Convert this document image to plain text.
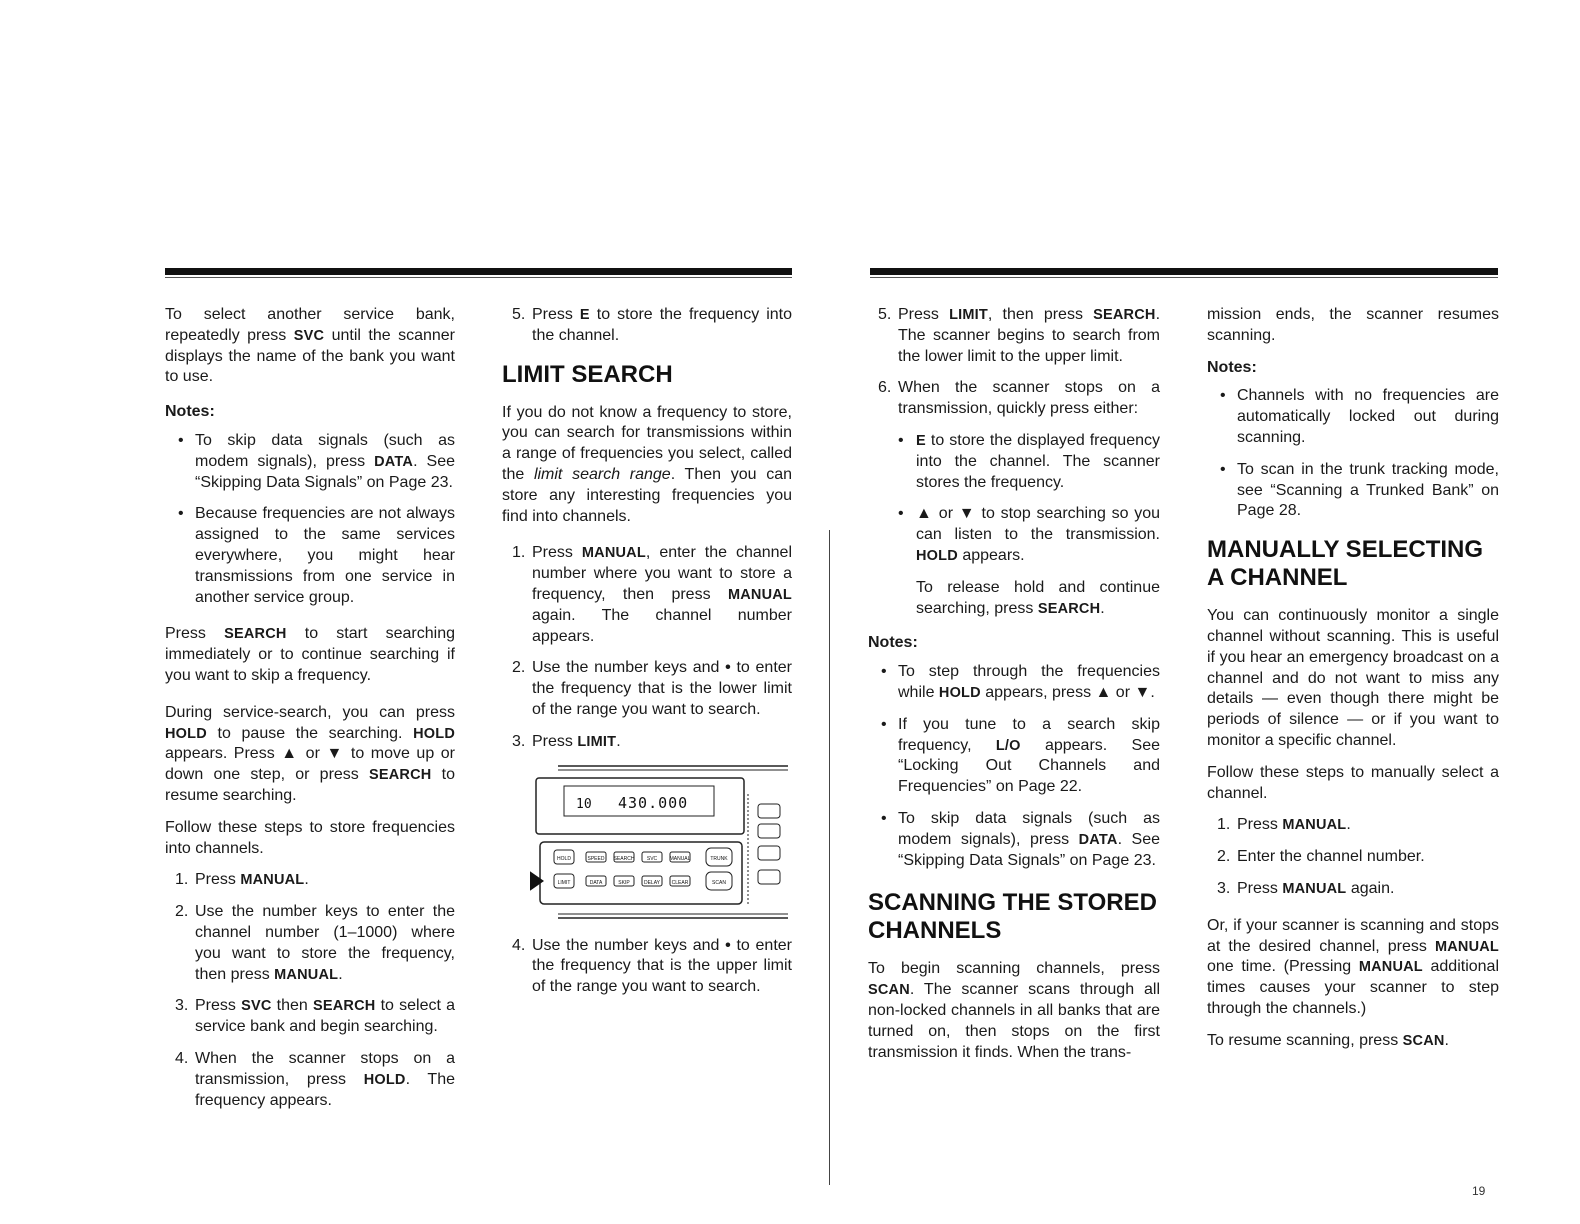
To select another service bank, repeatedly press SVC until the scanner displays the name of the bank you want to use.

Notes:
• To skip data signals (such as modem signals), press DATA. See “Skipping Data Signals” on Page 23.
• Because frequencies are not always assigned to the same services everywhere, you might hear transmissions from one service in another service group.

Press SEARCH to start searching immediately or to continue searching if you want to skip a frequency.

During service-search, you can press HOLD to pause the searching. HOLD appears. Press ▲ or ▼ to move up or down one step, or press SEARCH to resume searching.

Follow these steps to store frequencies into channels.

1. Press MANUAL.
2. Use the number keys to enter the channel number (1–1000) where you want to store the frequency, then press MANUAL.
3. Press SVC then SEARCH to select a service bank and begin searching.
4. When the scanner stops on a transmission, press HOLD. The frequency appears.
5. Press E to store the frequency into the channel.
LIMIT SEARCH

If you do not know a frequency to store, you can search for transmissions within a range of frequencies you select, called the limit search range. Then you can store any interesting frequencies you find into channels.

1. Press MANUAL, enter the channel number where you want to store a frequency, then press MANUAL again. The channel number appears.
2. Use the number keys and • to enter the frequency that is the lower limit of the range you want to search.
3. Press LIMIT.
10 430.000
HOLD	SPEED SEARCH SVC MANUAL	TRUNK
LIMIT	DATA	SKIP	DELAY CLEAR	SCAN
4. Use the number keys and • to enter the frequency that is the upper limit of the range you want to search.
5. Press LIMIT, then press SEARCH. The scanner begins to search from the lower limit to the upper limit.
6. When the scanner stops on a transmission, quickly press either:
• E to store the displayed frequency into the channel. The scanner stores the frequency.
• ▲ or ▼ to stop searching so you can listen to the transmission. HOLD appears.

To release hold and continue searching, press SEARCH.

Notes:
• To step through the frequencies while HOLD appears, press ▲ or ▼.
• If you tune to a search skip frequency, L/O appears. See “Locking Out Channels and Frequencies” on Page 22.
• To skip data signals (such as modem signals), press DATA. See “Skipping Data Signals” on Page 23.
SCANNING THE STORED CHANNELS

To begin scanning channels, press SCAN. The scanner scans through all non-locked channels in all banks that are turned on, then stops on the first transmission it finds. When the trans-

mission ends, the scanner resumes scanning.

Notes:
• Channels with no frequencies are automatically locked out during scanning.
• To scan in the trunk tracking mode, see “Scanning a Trunked Bank” on Page 28.
MANUALLY SELECTING A CHANNEL

You can continuously monitor a single channel without scanning. This is useful if you hear an emergency broadcast on a channel and do not want to miss any details — even though there might be periods of silence — or if you want to monitor a specific channel.

Follow these steps to manually select a channel.

1. Press MANUAL.
2. Enter the channel number.
3. Press MANUAL again.

Or, if your scanner is scanning and stops at the desired channel, press MANUAL one time. (Pressing MANUAL additional times causes your scanner to step through the channels.)

To resume scanning, press SCAN.

19
